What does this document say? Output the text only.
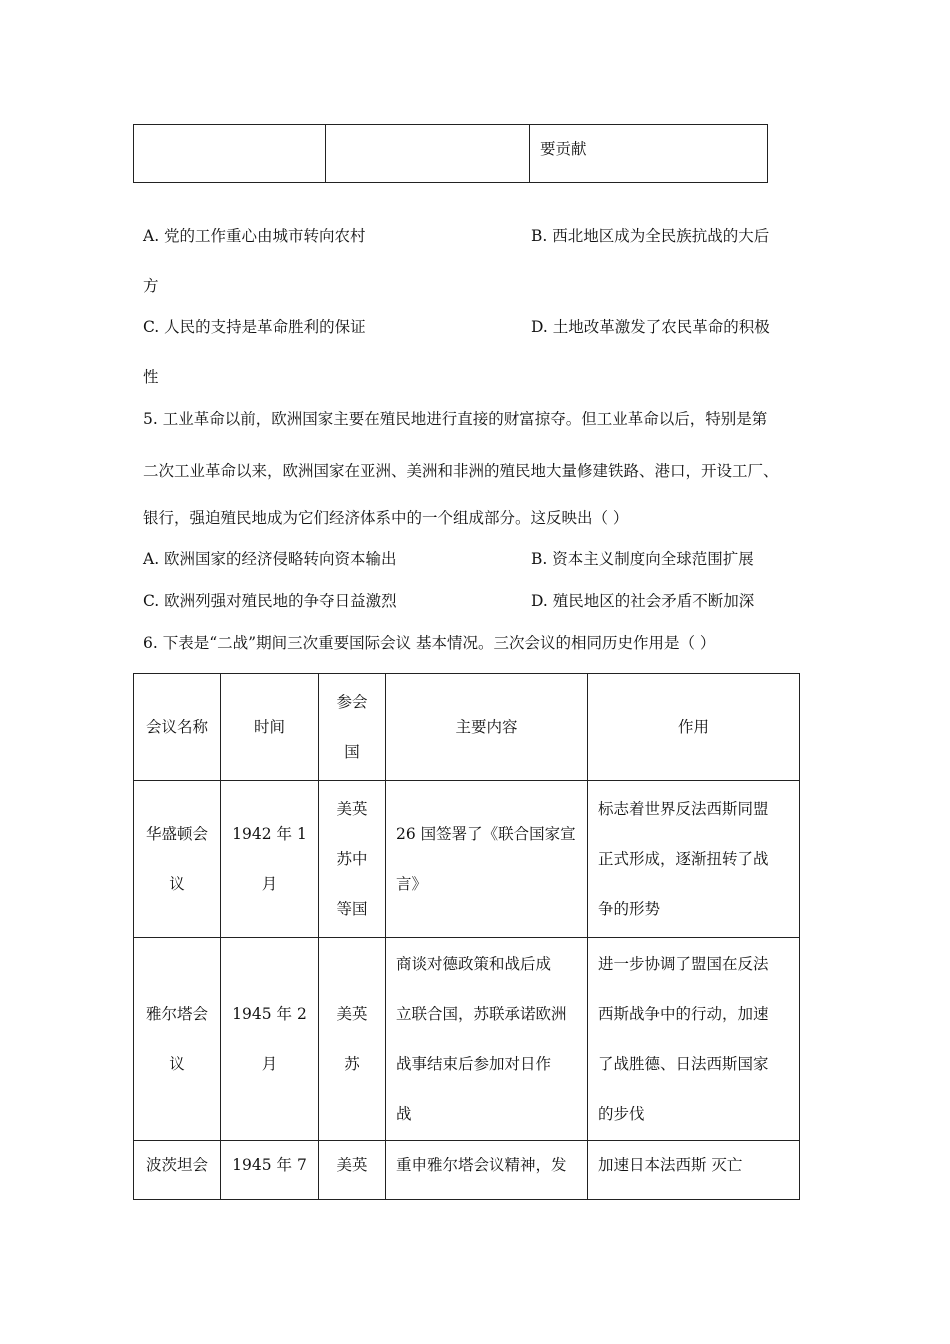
要贡献
A. 党的工作重心由城市转向农村	B. 西北地区成为全民族抗战的大后
方
C. 人民的支持是革命胜利的保证	D. 土地改革激发了农民革命的积极
性
5. 工业革命以前，欧洲国家主要在殖民地进行直接的财富掠夺。但工业革命以后，特别是第
二次工业革命以来，欧洲国家在亚洲、美洲和非洲的殖民地大量修建铁路、港口，开设工厂、
银行，强迫殖民地成为它们经济体系中的一个组成部分。这反映出（ ）
A. 欧洲国家的经济侵略转向资本输出	B. 资本主义制度向全球范围扩展
C. 欧洲列强对殖民地的争夺日益激烈	D. 殖民地区的社会矛盾不断加深
6. 下表是“二战”期间三次重要国际会议 基本情况。三次会议的相同历史作用是（ ）
会议名称	时间	参会
国	主要内容	作用

华盛顿会
议	1942 年 1
月	美英
苏中
等国	26 国签署了《联合国家宣
言》	标志着世界反法西斯同盟
正式形成，逐渐扭转了战
争的形势

雅尔塔会
议	1945 年 2
月	美英
苏	商谈对德政策和战后成
立联合国，苏联承诺欧洲
战事结束后参加对日作
战	进一步协调了盟国在反法
西斯战争中的行动，加速
了战胜德、日法西斯国家
的步伐

波茨坦会	1945 年 7	美英	重申雅尔塔会议精神，发	加速日本法西斯 灭亡
